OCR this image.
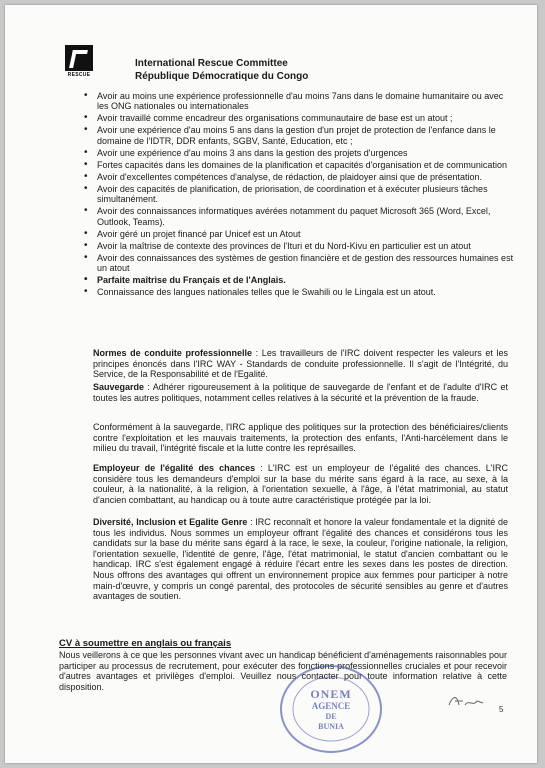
RESCUE
International Rescue Committee
République Démocratique du Congo
• Avoir au moins une expérience professionnelle d'au moins 7ans dans le domaine humanitaire ou avec les ONG nationales ou internationales
• Avoir travaillé comme encadreur des organisations communautaire de base est un atout ;
• Avoir une expérience d'au moins 5 ans dans la gestion d'un projet de protection de l'enfance dans le domaine de l'IDTR, DDR enfants, SGBV, Santé, Education, etc ;
• Avoir une expérience d'au moins 3 ans dans la gestion des projets d'urgences
• Fortes capacités dans les domaines de la planification et capacités d'organisation et de communication
• Avoir d'excellentes compétences d'analyse, de rédaction, de plaidoyer ainsi que de présentation.
• Avoir des capacités de planification, de priorisation, de coordination et à exécuter plusieurs tâches simultanément.
• Avoir des connaissances informatiques avérées notamment du paquet Microsoft 365 (Word, Excel, Outlook, Teams).
• Avoir géré un projet financé par Unicef est un Atout
• Avoir la maîtrise de contexte des provinces de l'Ituri et du Nord-Kivu en particulier est un atout
• Avoir des connaissances des systèmes de gestion financière et de gestion des ressources humaines est un atout
• Parfaite maîtrise du Français et de l'Anglais.
• Connaissance des langues nationales telles que le Swahili ou le Lingala est un atout.
Normes de conduite professionnelle : Les travailleurs de l'IRC doivent respecter les valeurs et les principes énoncés dans l'IRC WAY - Standards de conduite professionnelle. Il s'agit de l'Intégrité, du Service, de la Responsabilité et de l'Egalité.
Sauvegarde : Adhérer rigoureusement à la politique de sauvegarde de l'enfant et de l'adulte d'IRC et toutes les autres politiques, notamment celles relatives à la sécurité et la prévention de la fraude.
Conformément à la sauvegarde, l'IRC applique des politiques sur la protection des bénéficiaires/clients contre l'exploitation et les mauvais traitements, la protection des enfants, l'Anti-harcèlement dans le milieu du travail, l'intégrité fiscale et la lutte contre les représailles.
Employeur de l'égalité des chances : L'IRC est un employeur de l'égalité des chances. L'IRC considère tous les demandeurs d'emploi sur la base du mérite sans égard à la race, au sexe, à la couleur, à la nationalité, à la religion, à l'orientation sexuelle, à l'âge, à l'état matrimonial, au statut d'ancien combattant, au handicap ou à toute autre caractéristique protégée par la loi.
Diversité, Inclusion et Egalite Genre : IRC reconnaît et honore la valeur fondamentale et la dignité de tous les individus. Nous sommes un employeur offrant l'égalité des chances et considérons tous les candidats sur la base du mérite sans égard à la race, le sexe, la couleur, l'origine nationale, la religion, l'orientation sexuelle, l'identité de genre, l'âge, l'état matrimonial, le statut d'ancien combattant ou le handicap. IRC s'est également engagé à réduire l'écart entre les sexes dans les postes de direction. Nous offrons des avantages qui offrent un environnement propice aux femmes pour participer à notre main-d'œuvre, y compris un congé parental, des protocoles de sécurité sensibles au genre et d'autres avantages de soutien.
CV à soumettre en anglais ou français
Nous veillerons à ce que les personnes vivant avec un handicap bénéficient d'aménagements raisonnables pour participer au processus de recrutement, pour exécuter des fonctions professionnelles cruciales et pour recevoir d'autres avantages et privilèges d'emploi. Veuillez nous contacter pour toute information relative à cette disposition.
ONEM
AGENCE
DE
BUNIA
5
